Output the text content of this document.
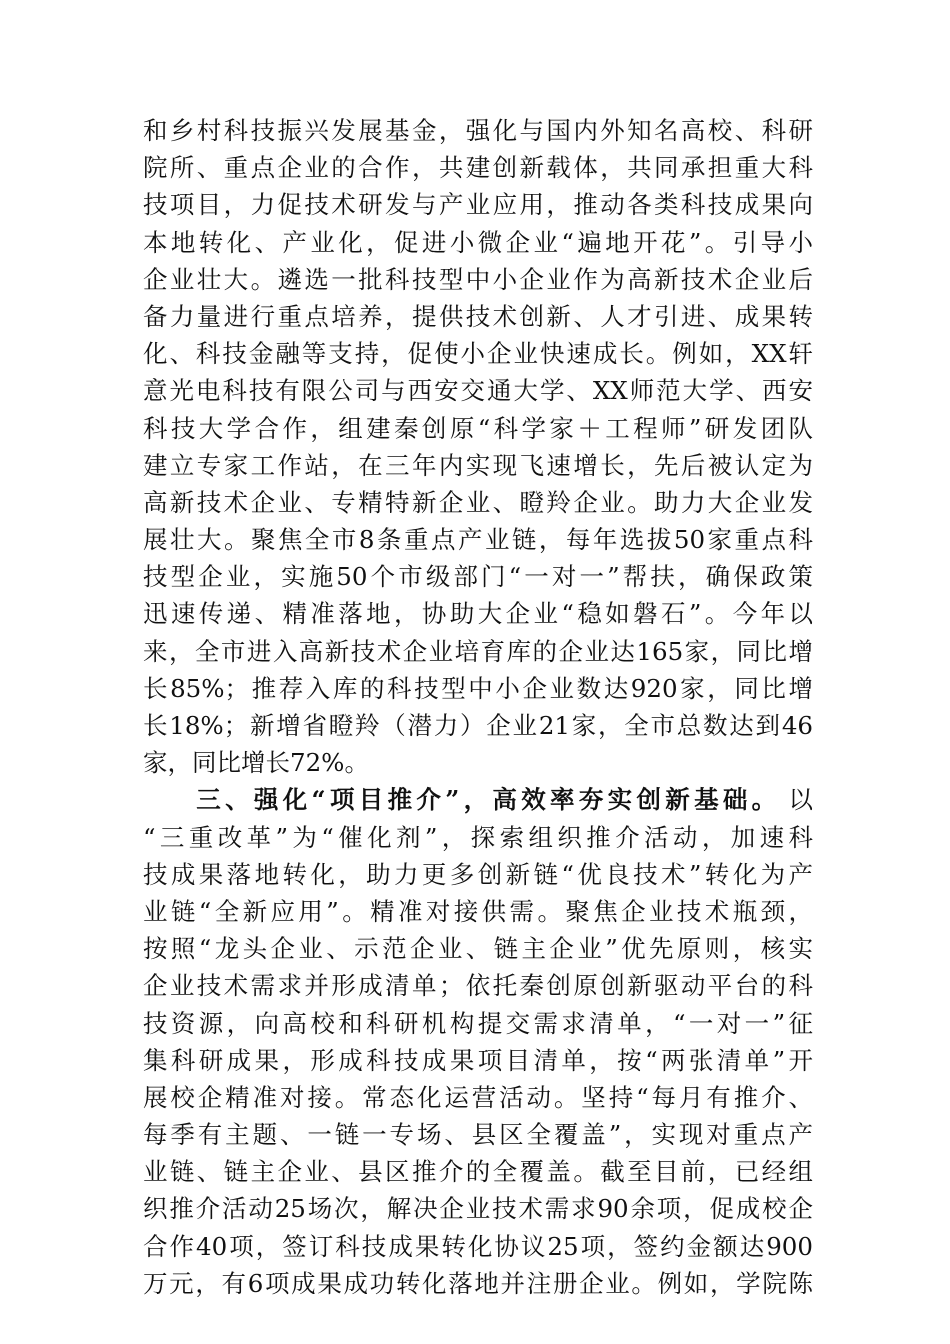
和乡村科技振兴发展基金，强化与国内外知名高校、科研
院所、重点企业的合作，共建创新载体，共同承担重大科
技项目，力促技术研发与产业应用，推动各类科技成果向
本地转化、产业化，促进小微企业“遍地开花”。引导小
企业壮大。遴选一批科技型中小企业作为高新技术企业后
备力量进行重点培养，提供技术创新、人才引进、成果转
化、科技金融等支持，促使小企业快速成长。例如，XX轩
意光电科技有限公司与西安交通大学、XX师范大学、西安
科技大学合作，组建秦创原“科学家＋工程师”研发团队
建立专家工作站，在三年内实现飞速增长，先后被认定为
高新技术企业、专精特新企业、瞪羚企业。助力大企业发
展壮大。聚焦全市8条重点产业链，每年选拔50家重点科
技型企业，实施50个市级部门“一对一”帮扶，确保政策
迅速传递、精准落地，协助大企业“稳如磐石”。今年以
来，全市进入高新技术企业培育库的企业达165家，同比增
长85%；推荐入库的科技型中小企业数达920家，同比增
长18%；新增省瞪羚（潜力）企业21家，全市总数达到46
家，同比增长72%。
三、强化“项目推介”，高效率夯实创新基础。 以
“三重改革”为“催化剂”，探索组织推介活动，加速科
技成果落地转化，助力更多创新链“优良技术”转化为产
业链“全新应用”。精准对接供需。聚焦企业技术瓶颈，
按照“龙头企业、示范企业、链主企业”优先原则，核实
企业技术需求并形成清单；依托秦创原创新驱动平台的科
技资源，向高校和科研机构提交需求清单，“一对一”征
集科研成果，形成科技成果项目清单，按“两张清单”开
展校企精准对接。常态化运营活动。坚持“每月有推介、
每季有主题、一链一专场、县区全覆盖”，实现对重点产
业链、链主企业、县区推介的全覆盖。截至目前，已经组
织推介活动25场次，解决企业技术需求90余项，促成校企
合作40项，签订科技成果转化协议25项，签约金额达900
万元，有6项成果成功转化落地并注册企业。例如，学院陈
